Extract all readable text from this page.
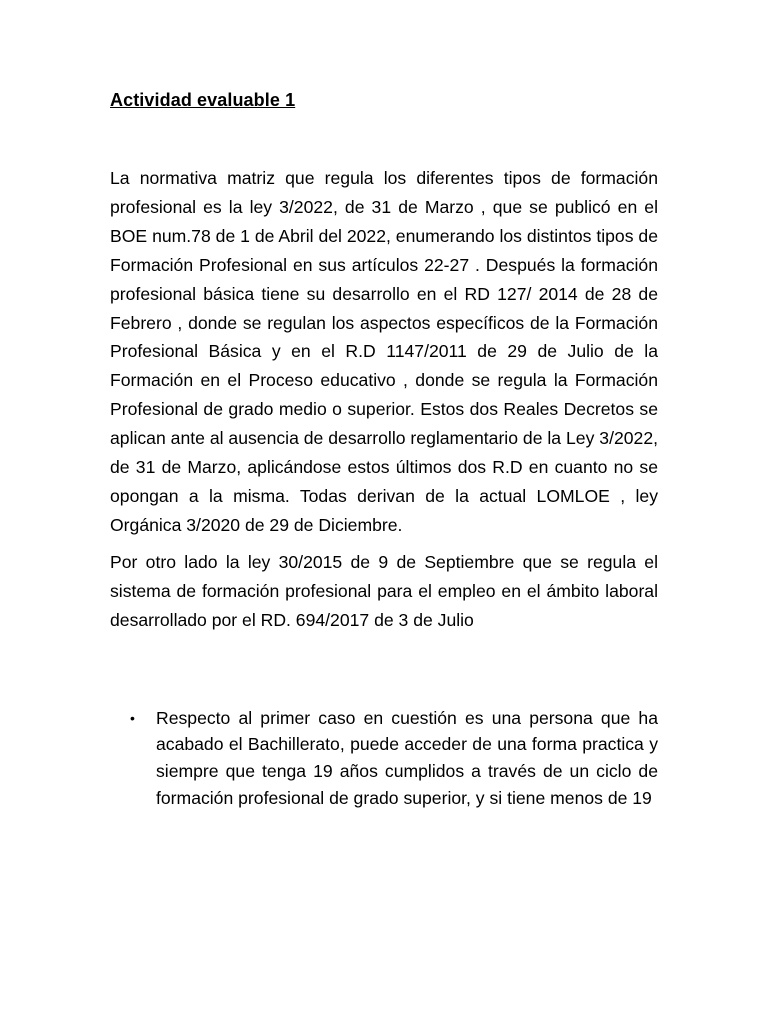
Actividad evaluable 1

La normativa matriz que regula los diferentes tipos de formación profesional es la ley 3/2022, de 31 de Marzo , que se publicó en el BOE num.78 de 1 de Abril del 2022, enumerando los distintos tipos de Formación Profesional en sus artículos 22-27 . Después la formación profesional básica tiene su desarrollo en el RD 127/ 2014 de 28 de Febrero , donde se regulan los aspectos específicos de la Formación Profesional Básica y en el R.D 1147/2011 de 29 de Julio de la Formación en el Proceso educativo , donde se regula la Formación Profesional de grado medio o superior. Estos dos Reales Decretos se aplican ante al ausencia de desarrollo reglamentario de la Ley 3/2022, de 31 de Marzo, aplicándose estos últimos dos R.D en cuanto no se opongan a la misma. Todas derivan de la actual LOMLOE , ley Orgánica 3/2020 de 29 de Diciembre.

Por otro lado la ley 30/2015 de 9 de Septiembre que se regula el sistema de formación profesional para el empleo en el ámbito laboral desarrollado por el RD. 694/2017 de 3 de Julio

• Respecto al primer caso en cuestión es una persona que ha acabado el Bachillerato, puede acceder de una forma practica y siempre que tenga 19 años cumplidos a través de un ciclo de formación profesional de grado superior, y si tiene menos de 19
